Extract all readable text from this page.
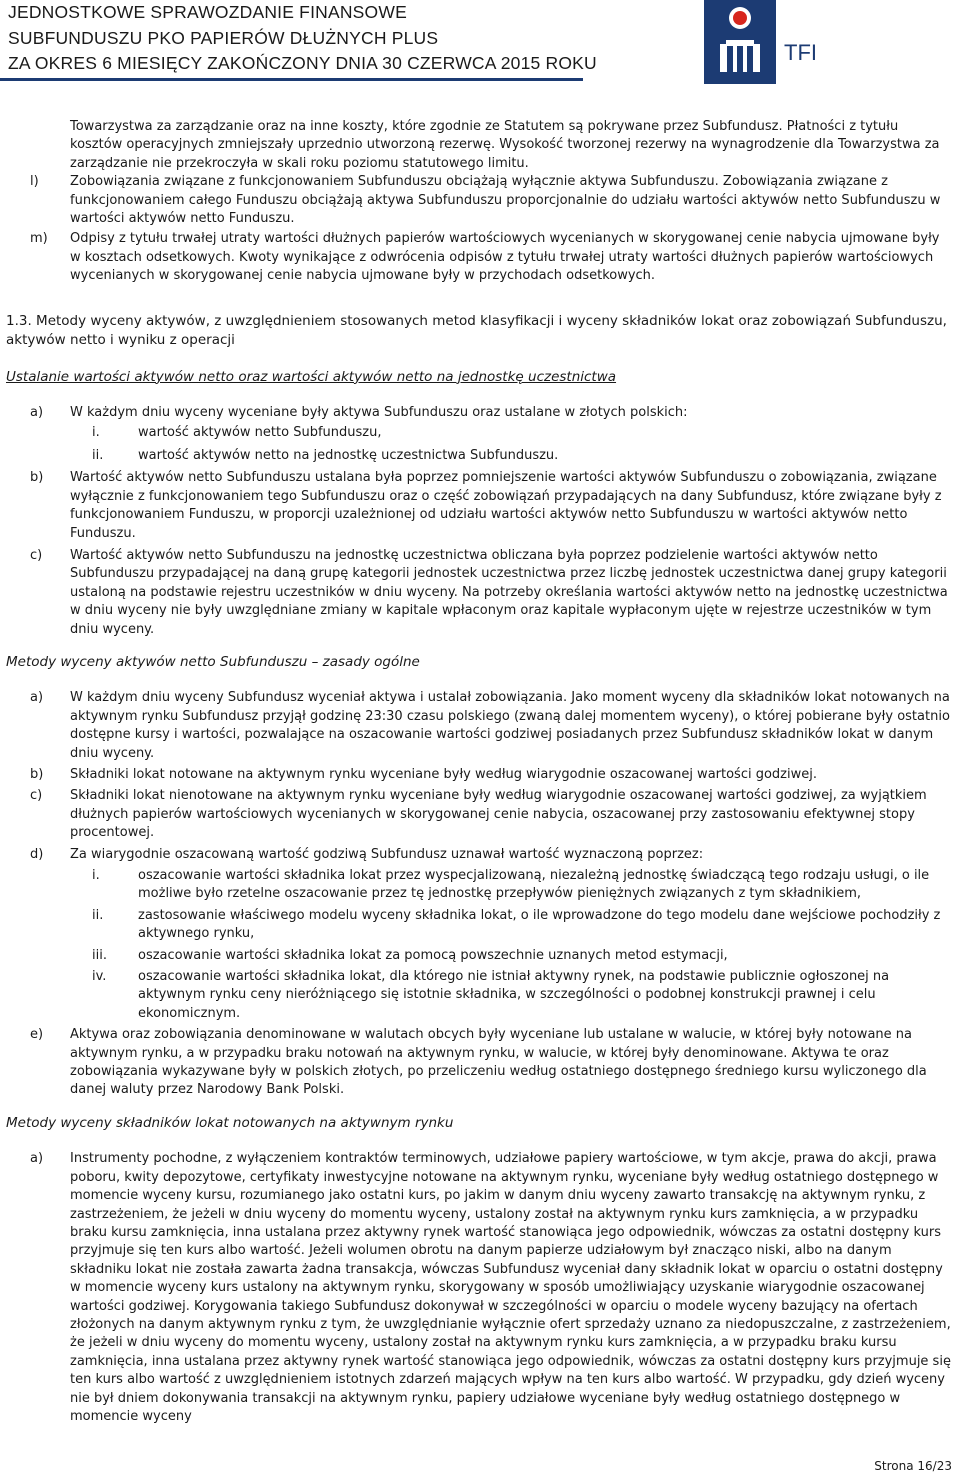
JEDNOSTKOWE SPRAWOZDANIE FINANSOWE
SUBFUNDUSZU PKO PAPIERÓW DŁUŻNYCH PLUS
ZA OKRES 6 MIESIĘCY ZAKOŃCZONY DNIA 30 CZERWCA 2015 ROKU	TFI

Towarzystwa za zarządzanie oraz na inne koszty, które zgodnie ze Statutem są pokrywane przez Subfundusz. Płatności z tytułu kosztów operacyjnych zmniejszały uprzednio utworzoną rezerwę. Wysokość tworzonej rezerwy na wynagrodzenie dla Towarzystwa za zarządzanie nie przekroczyła w skali roku poziomu statutowego limitu.

l) Zobowiązania związane z funkcjonowaniem Subfunduszu obciążają wyłącznie aktywa Subfunduszu. Zobowiązania związane z funkcjonowaniem całego Funduszu obciążają aktywa Subfunduszu proporcjonalnie do udziału wartości aktywów netto Subfunduszu w wartości aktywów netto Funduszu.
m) Odpisy z tytułu trwałej utraty wartości dłużnych papierów wartościowych wycenianych w skorygowanej cenie nabycia ujmowane były w kosztach odsetkowych. Kwoty wynikające z odwrócenia odpisów z tytułu trwałej utraty wartości dłużnych papierów wartościowych wycenianych w skorygowanej cenie nabycia ujmowane były w przychodach odsetkowych.
1.3. Metody wyceny aktywów, z uwzględnieniem stosowanych metod klasyfikacji i wyceny składników lokat oraz zobowiązań Subfunduszu, aktywów netto i wyniku z operacji
Ustalanie wartości aktywów netto oraz wartości aktywów netto na jednostkę uczestnictwa
a) W każdym dniu wyceny wyceniane były aktywa Subfunduszu oraz ustalane w złotych polskich:
i.	wartość aktywów netto Subfunduszu,
ii.	wartość aktywów netto na jednostkę uczestnictwa Subfunduszu.
b) Wartość aktywów netto Subfunduszu ustalana była poprzez pomniejszenie wartości aktywów Subfunduszu o zobowiązania, związane wyłącznie z funkcjonowaniem tego Subfunduszu oraz o część zobowiązań przypadających na dany Subfundusz, które związane były z funkcjonowaniem Funduszu, w proporcji uzależnionej od udziału wartości aktywów netto Subfunduszu w wartości aktywów netto Funduszu.
c) Wartość aktywów netto Subfunduszu na jednostkę uczestnictwa obliczana była poprzez podzielenie wartości aktywów netto Subfunduszu przypadającej na daną grupę kategorii jednostek uczestnictwa przez liczbę jednostek uczestnictwa danej grupy kategorii ustaloną na podstawie rejestru uczestników w dniu wyceny. Na potrzeby określania wartości aktywów netto na jednostkę uczestnictwa w dniu wyceny nie były uwzględniane zmiany w kapitale wpłaconym oraz kapitale wypłaconym ujęte w rejestrze uczestników w tym dniu wyceny.
Metody wyceny aktywów netto Subfunduszu – zasady ogólne
a) W każdym dniu wyceny Subfundusz wyceniał aktywa i ustalał zobowiązania. Jako moment wyceny dla składników lokat notowanych na aktywnym rynku Subfundusz przyjął godzinę 23:30 czasu polskiego (zwaną dalej momentem wyceny), o której pobierane były ostatnio dostępne kursy i wartości, pozwalające na oszacowanie wartości godziwej posiadanych przez Subfundusz składników lokat w danym dniu wyceny.
b) Składniki lokat notowane na aktywnym rynku wyceniane były według wiarygodnie oszacowanej wartości godziwej.
c) Składniki lokat nienotowane na aktywnym rynku wyceniane były według wiarygodnie oszacowanej wartości godziwej, za wyjątkiem dłużnych papierów wartościowych wycenianych w skorygowanej cenie nabycia, oszacowanej przy zastosowaniu efektywnej stopy procentowej.
d) Za wiarygodnie oszacowaną wartość godziwą Subfundusz uznawał wartość wyznaczoną poprzez:
i.	oszacowanie wartości składnika lokat przez wyspecjalizowaną, niezależną jednostkę świadczącą tego rodzaju usługi, o ile możliwe było rzetelne oszacowanie przez tę jednostkę przepływów pieniężnych związanych z tym składnikiem,
ii.	zastosowanie właściwego modelu wyceny składnika lokat, o ile wprowadzone do tego modelu dane wejściowe pochodziły z aktywnego rynku,
iii. oszacowanie wartości składnika lokat za pomocą powszechnie uznanych metod estymacji,
iv. oszacowanie wartości składnika lokat, dla którego nie istniał aktywny rynek, na podstawie publicznie ogłoszonej na aktywnym rynku ceny nieróżniącego się istotnie składnika, w szczególności o podobnej konstrukcji prawnej i celu ekonomicznym.
e) Aktywa oraz zobowiązania denominowane w walutach obcych były wyceniane lub ustalane w walucie, w której były notowane na aktywnym rynku, a w przypadku braku notowań na aktywnym rynku, w walucie, w której były denominowane. Aktywa te oraz zobowiązania wykazywane były w polskich złotych, po przeliczeniu według ostatniego dostępnego średniego kursu wyliczonego dla danej waluty przez Narodowy Bank Polski.
Metody wyceny składników lokat notowanych na aktywnym rynku
a) Instrumenty pochodne, z wyłączeniem kontraktów terminowych, udziałowe papiery wartościowe, w tym akcje, prawa do akcji, prawa poboru, kwity depozytowe, certyfikaty inwestycyjne notowane na aktywnym rynku, wyceniane były według ostatniego dostępnego w momencie wyceny kursu, rozumianego jako ostatni kurs, po jakim w danym dniu wyceny zawarto transakcję na aktywnym rynku, z zastrzeżeniem, że jeżeli w dniu wyceny do momentu wyceny, ustalony został na aktywnym rynku kurs zamknięcia, a w przypadku braku kursu zamknięcia, inna ustalana przez aktywny rynek wartość stanowiąca jego odpowiednik, wówczas za ostatni dostępny kurs przyjmuje się ten kurs albo wartość. Jeżeli wolumen obrotu na danym papierze udziałowym był znacząco niski, albo na danym składniku lokat nie została zawarta żadna transakcja, wówczas Subfundusz wyceniał dany składnik lokat w oparciu o ostatni dostępny w momencie wyceny kurs ustalony na aktywnym rynku, skorygowany w sposób umożliwiający uzyskanie wiarygodnie oszacowanej wartości godziwej. Korygowania takiego Subfundusz dokonywał w szczególności w oparciu o modele wyceny bazujący na ofertach złożonych na danym aktywnym rynku z tym, że uwzględnianie wyłącznie ofert sprzedaży uznano za niedopuszczalne, z zastrzeżeniem, że jeżeli w dniu wyceny do momentu wyceny, ustalony został na aktywnym rynku kurs zamknięcia, a w przypadku braku kursu zamknięcia, inna ustalana przez aktywny rynek wartość stanowiąca jego odpowiednik, wówczas za ostatni dostępny kurs przyjmuje się ten kurs albo wartość z uwzględnieniem istotnych zdarzeń mających wpływ na ten kurs albo wartość. W przypadku, gdy dzień wyceny nie był dniem dokonywania transakcji na aktywnym rynku, papiery udziałowe wyceniane były według ostatniego dostępnego w momencie wyceny
Strona 16/23
